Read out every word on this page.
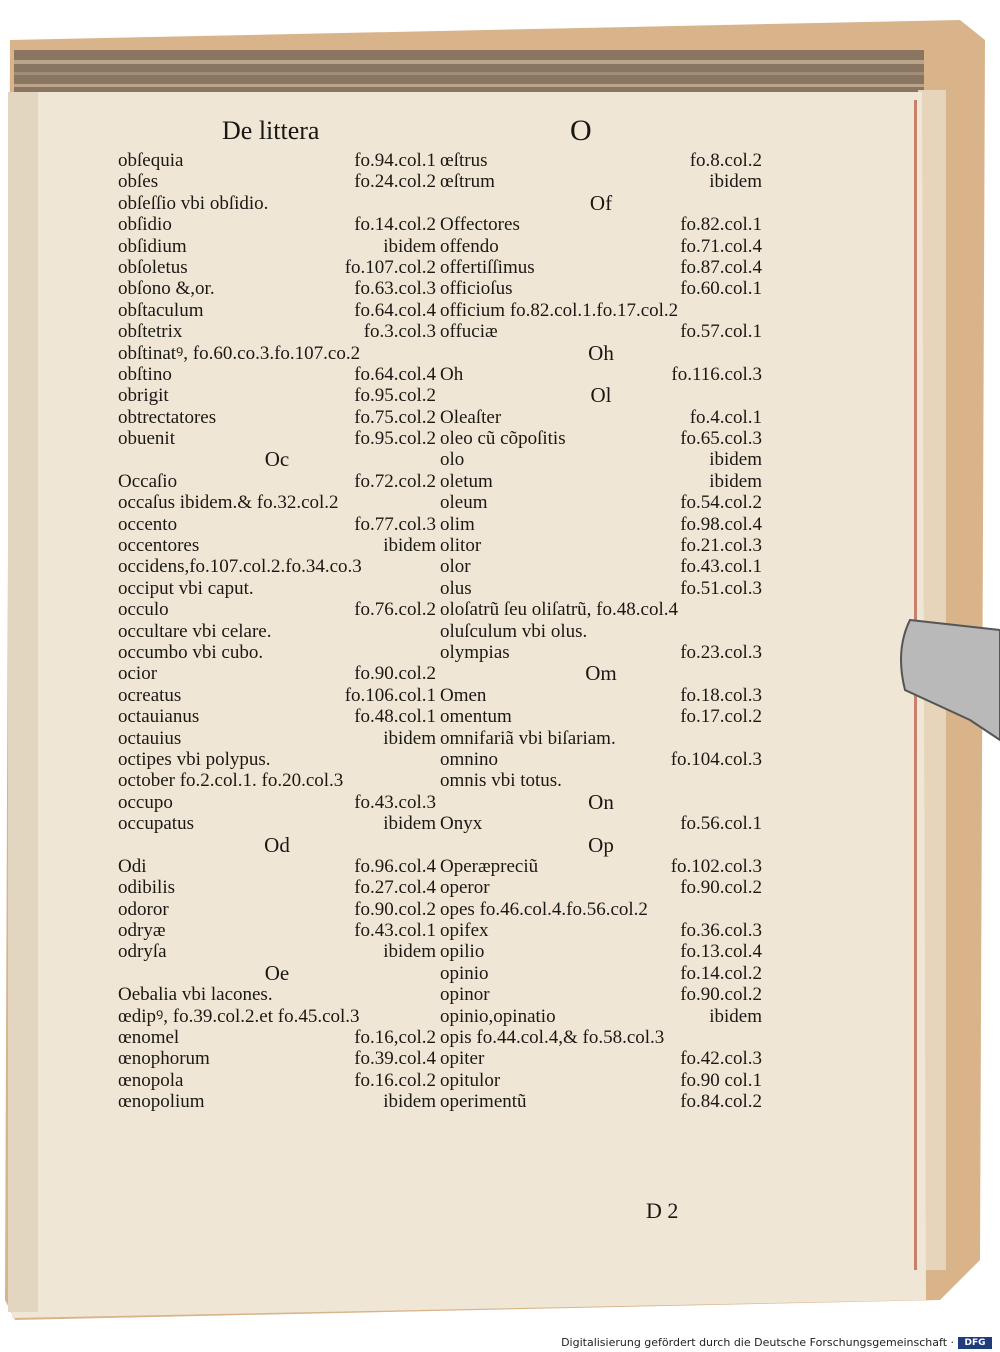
De littera	O
obſequia	fo.94.col.1
obſes	fo.24.col.2
obſeſſio vbi obſidio.
obſidio	fo.14.col.2
obſidium	ibidem
obſoletus	fo.107.col.2
obſono &,or.	fo.63.col.3
obſtaculum	fo.64.col.4
obſtetrix	fo.3.col.3
obſtinatꝰ, fo.60.co.3.fo.107.co.2
obſtino	fo.64.col.4
obrigit	fo.95.col.2
obtrectatores	fo.75.col.2
obuenit	fo.95.col.2
Oc
Occaſio	fo.72.col.2
occaſus ibidem.& fo.32.col.2
occento	fo.77.col.3
occentores	ibidem
occidens,fo.107.col.2.fo.34.co.3
occiput vbi caput.
occulo	fo.76.col.2
occultare vbi celare.
occumbo vbi cubo.
ocior	fo.90.col.2
ocreatus	fo.106.col.1
octauianus	fo.48.col.1
octauius	ibidem
octipes vbi polypus.
october fo.2.col.1. fo.20.col.3
occupo	fo.43.col.3
occupatus	ibidem
Od
Odi	fo.96.col.4
odibilis	fo.27.col.4
odoror	fo.90.col.2
odryæ	fo.43.col.1
odryſa	ibidem
Oe
Oebalia vbi lacones.
œdipꝰ, fo.39.col.2.et fo.45.col.3
œnomel	fo.16,col.2
œnophorum	fo.39.col.4
œnopola	fo.16.col.2
œnopolium	ibidem
œſtrus	fo.8.col.2
œſtrum	ibidem
Of
Offectores	fo.82.col.1
offendo	fo.71.col.4
offertiſſimus	fo.87.col.4
officioſus	fo.60.col.1
officium fo.82.col.1.fo.17.col.2
offuciæ	fo.57.col.1
Oh
Oh	fo.116.col.3
Ol
Oleaſter	fo.4.col.1
oleo cũ cõpoſitis	fo.65.col.3
olo	ibidem
oletum	ibidem
oleum	fo.54.col.2
olim	fo.98.col.4
olitor	fo.21.col.3
olor	fo.43.col.1
olus	fo.51.col.3
oloſatrũ ſeu oliſatrũ, fo.48.col.4
oluſculum vbi olus.
olympias	fo.23.col.3
Om
Omen	fo.18.col.3
omentum	fo.17.col.2
omnifariã vbi biſariam.
omnino	fo.104.col.3
omnis vbi totus.
On
Onyx	fo.56.col.1
Op
Operæpreciũ	fo.102.col.3
operor	fo.90.col.2
opes fo.46.col.4.fo.56.col.2
opifex	fo.36.col.3
opilio	fo.13.col.4
opinio	fo.14.col.2
opinor	fo.90.col.2
opinio,opinatio	ibidem
opis fo.44.col.4,& fo.58.col.3
opiter	fo.42.col.3
opitulor	fo.90 col.1
operimentũ	fo.84.col.2
D 2
Digitalisierung gefördert durch die Deutsche Forschungsgemeinschaft ·	DFG
